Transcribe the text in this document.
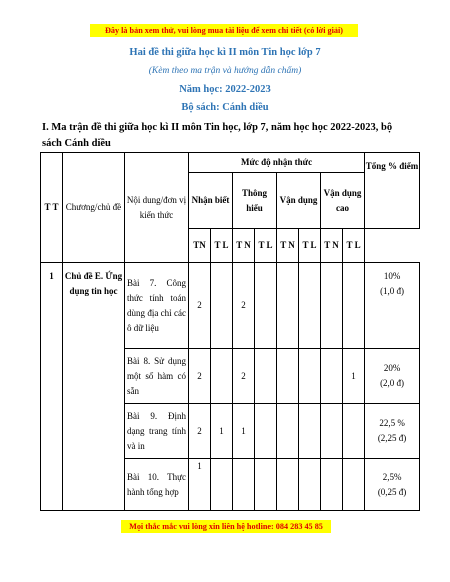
Đây là bản xem thử, vui lòng mua tài liệu để xem chi tiết (có lời giải)
Hai đề thi giữa học kì II môn Tin học lớp 7
(Kèm theo ma trận và hướng dẫn chấm)
Năm học: 2022-2023
Bộ sách: Cánh diều
I. Ma trận đề thi giữa học kì II môn Tin học, lớp 7, năm học học 2022-2023, bộ sách Cánh diều
T T	Chương/chủ đề	Nội dung/đơn vị kiến thức	Mức độ nhận thức								Tổng % điểm
			Nhận biết		Thông hiểu		Vận dụng		Vận dụng cao		
			TN	T L	T N	T L	T N	T L	T N	T L	
1	Chủ đề E. Ứng dụng tin học	Bài 7. Công thức tính toán dùng địa chỉ các ô dữ liệu	2		2						10%
(1,0 đ)

		Bài 8. Sử dụng một số hàm có sẵn	2		2					1	20%
(2,0 đ)

		Bài 9. Định dạng trang tính và in	2	1	1						22,5 %
(2,25 đ)

		Bài 10. Thực hành tổng hợp	1								2,5%
(0,25 đ)
Mọi thắc mắc vui lòng xin liên hệ hotline: 084 283 45 85
